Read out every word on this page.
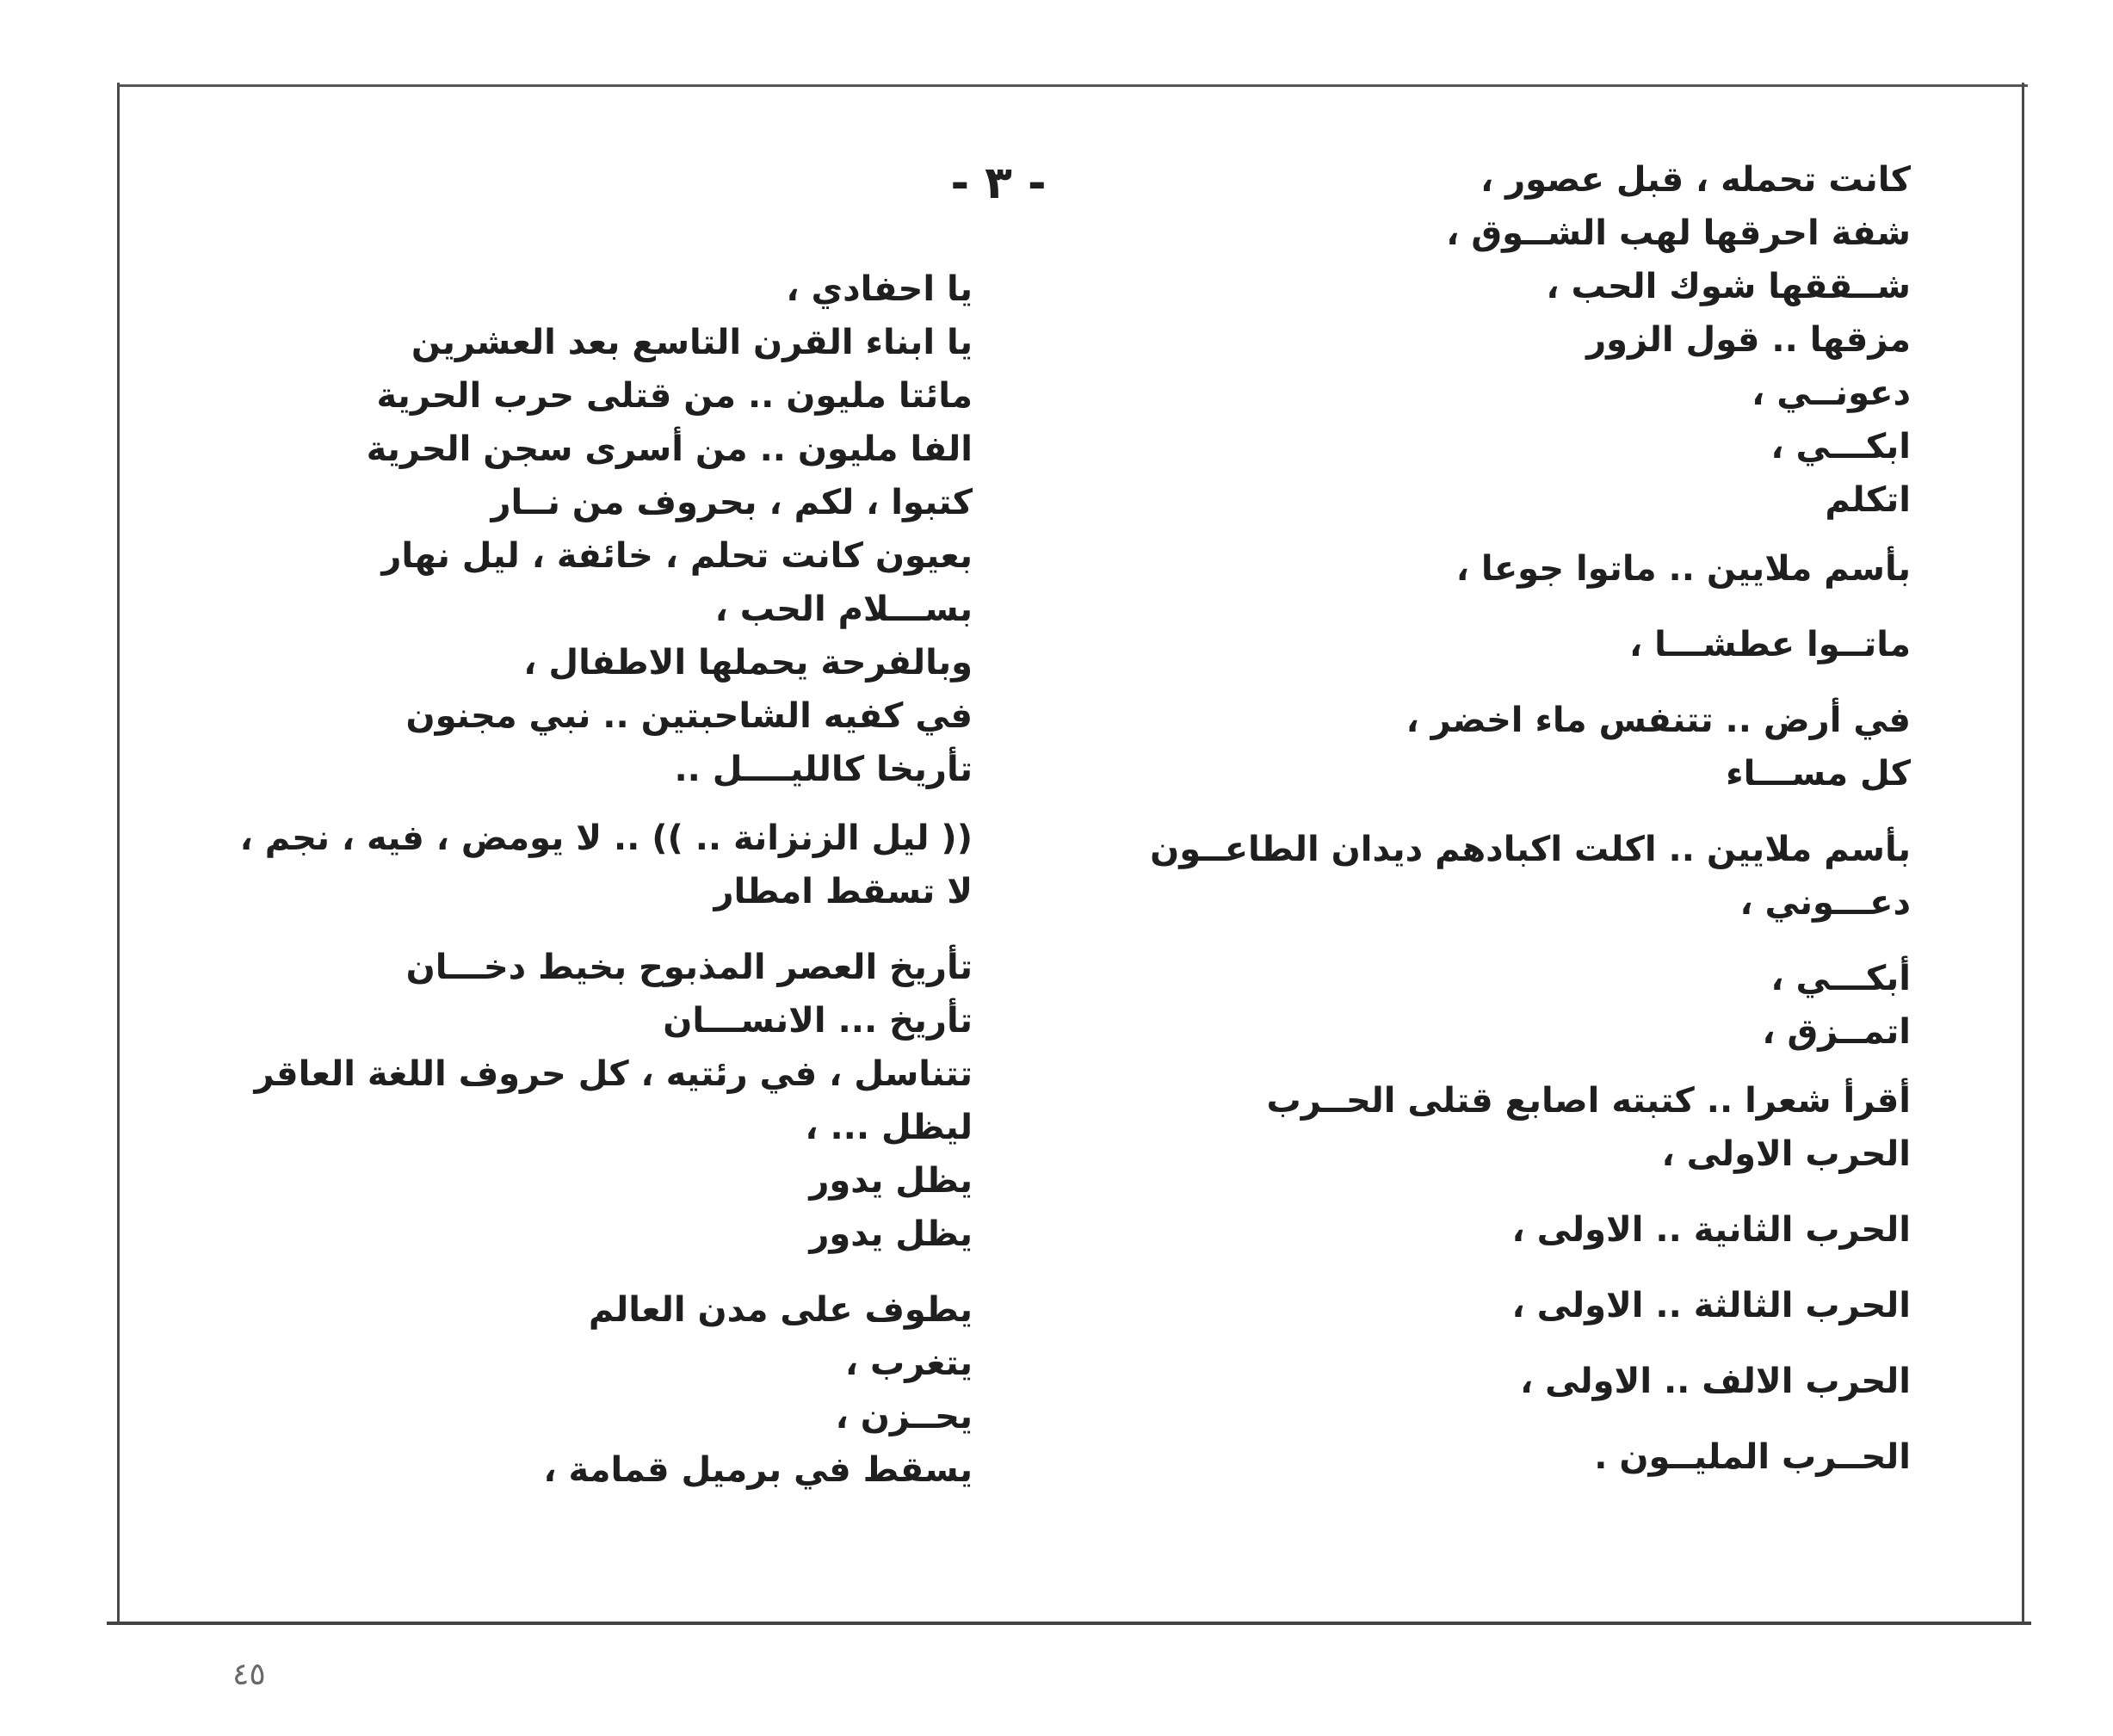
- ٣ -	كانت تحمله ، قبل عصور ،
شفة احرقها لهب الشــوق ،
شــققها شوك الحب ،
مزقها .. قول الزور
دعونــي ،
ابكـــي ،
اتكلم
بأسم ملايين .. ماتوا جوعا ،
ماتــوا عطشـــا ،
في أرض .. تتنفس ماء اخضر ،
كل مســـاء
بأسم ملايين .. اكلت اكبادهم ديدان الطاعــون
دعـــوني ،
أبكـــي ،
اتمــزق ،
أقرأ شعرا .. كتبته اصابع قتلى الحــرب
الحرب الاولى ،
الحرب الثانية .. الاولى ،
الحرب الثالثة .. الاولى ،
الحرب الالف .. الاولى ،
الحــرب المليــون .
يا احفادي ،
يا ابناء القرن التاسع بعد العشرين
مائتا مليون .. من قتلى حرب الحرية
الفا مليون .. من أسرى سجن الحرية
كتبوا ، لكم ، بحروف من نــار
بعيون كانت تحلم ، خائفة ، ليل نهار
بســـلام الحب ،
وبالفرحة يحملها الاطفال ،
في كفيه الشاحبتين .. نبي مجنون
تأريخا كالليــــل ..
(( ليل الزنزانة .. )) .. لا يومض ، فيه ، نجم ،
لا تسقط امطار
تأريخ العصر المذبوح بخيط دخـــان
تأريخ ... الانســـان
تتناسل ، في رئتيه ، كل حروف اللغة العاقر
ليظل ... ،
يظل يدور
يظل يدور
يطوف على مدن العالم
يتغرب ،
يحــزن ،
يسقط في برميل قمامة ،
٤٥
